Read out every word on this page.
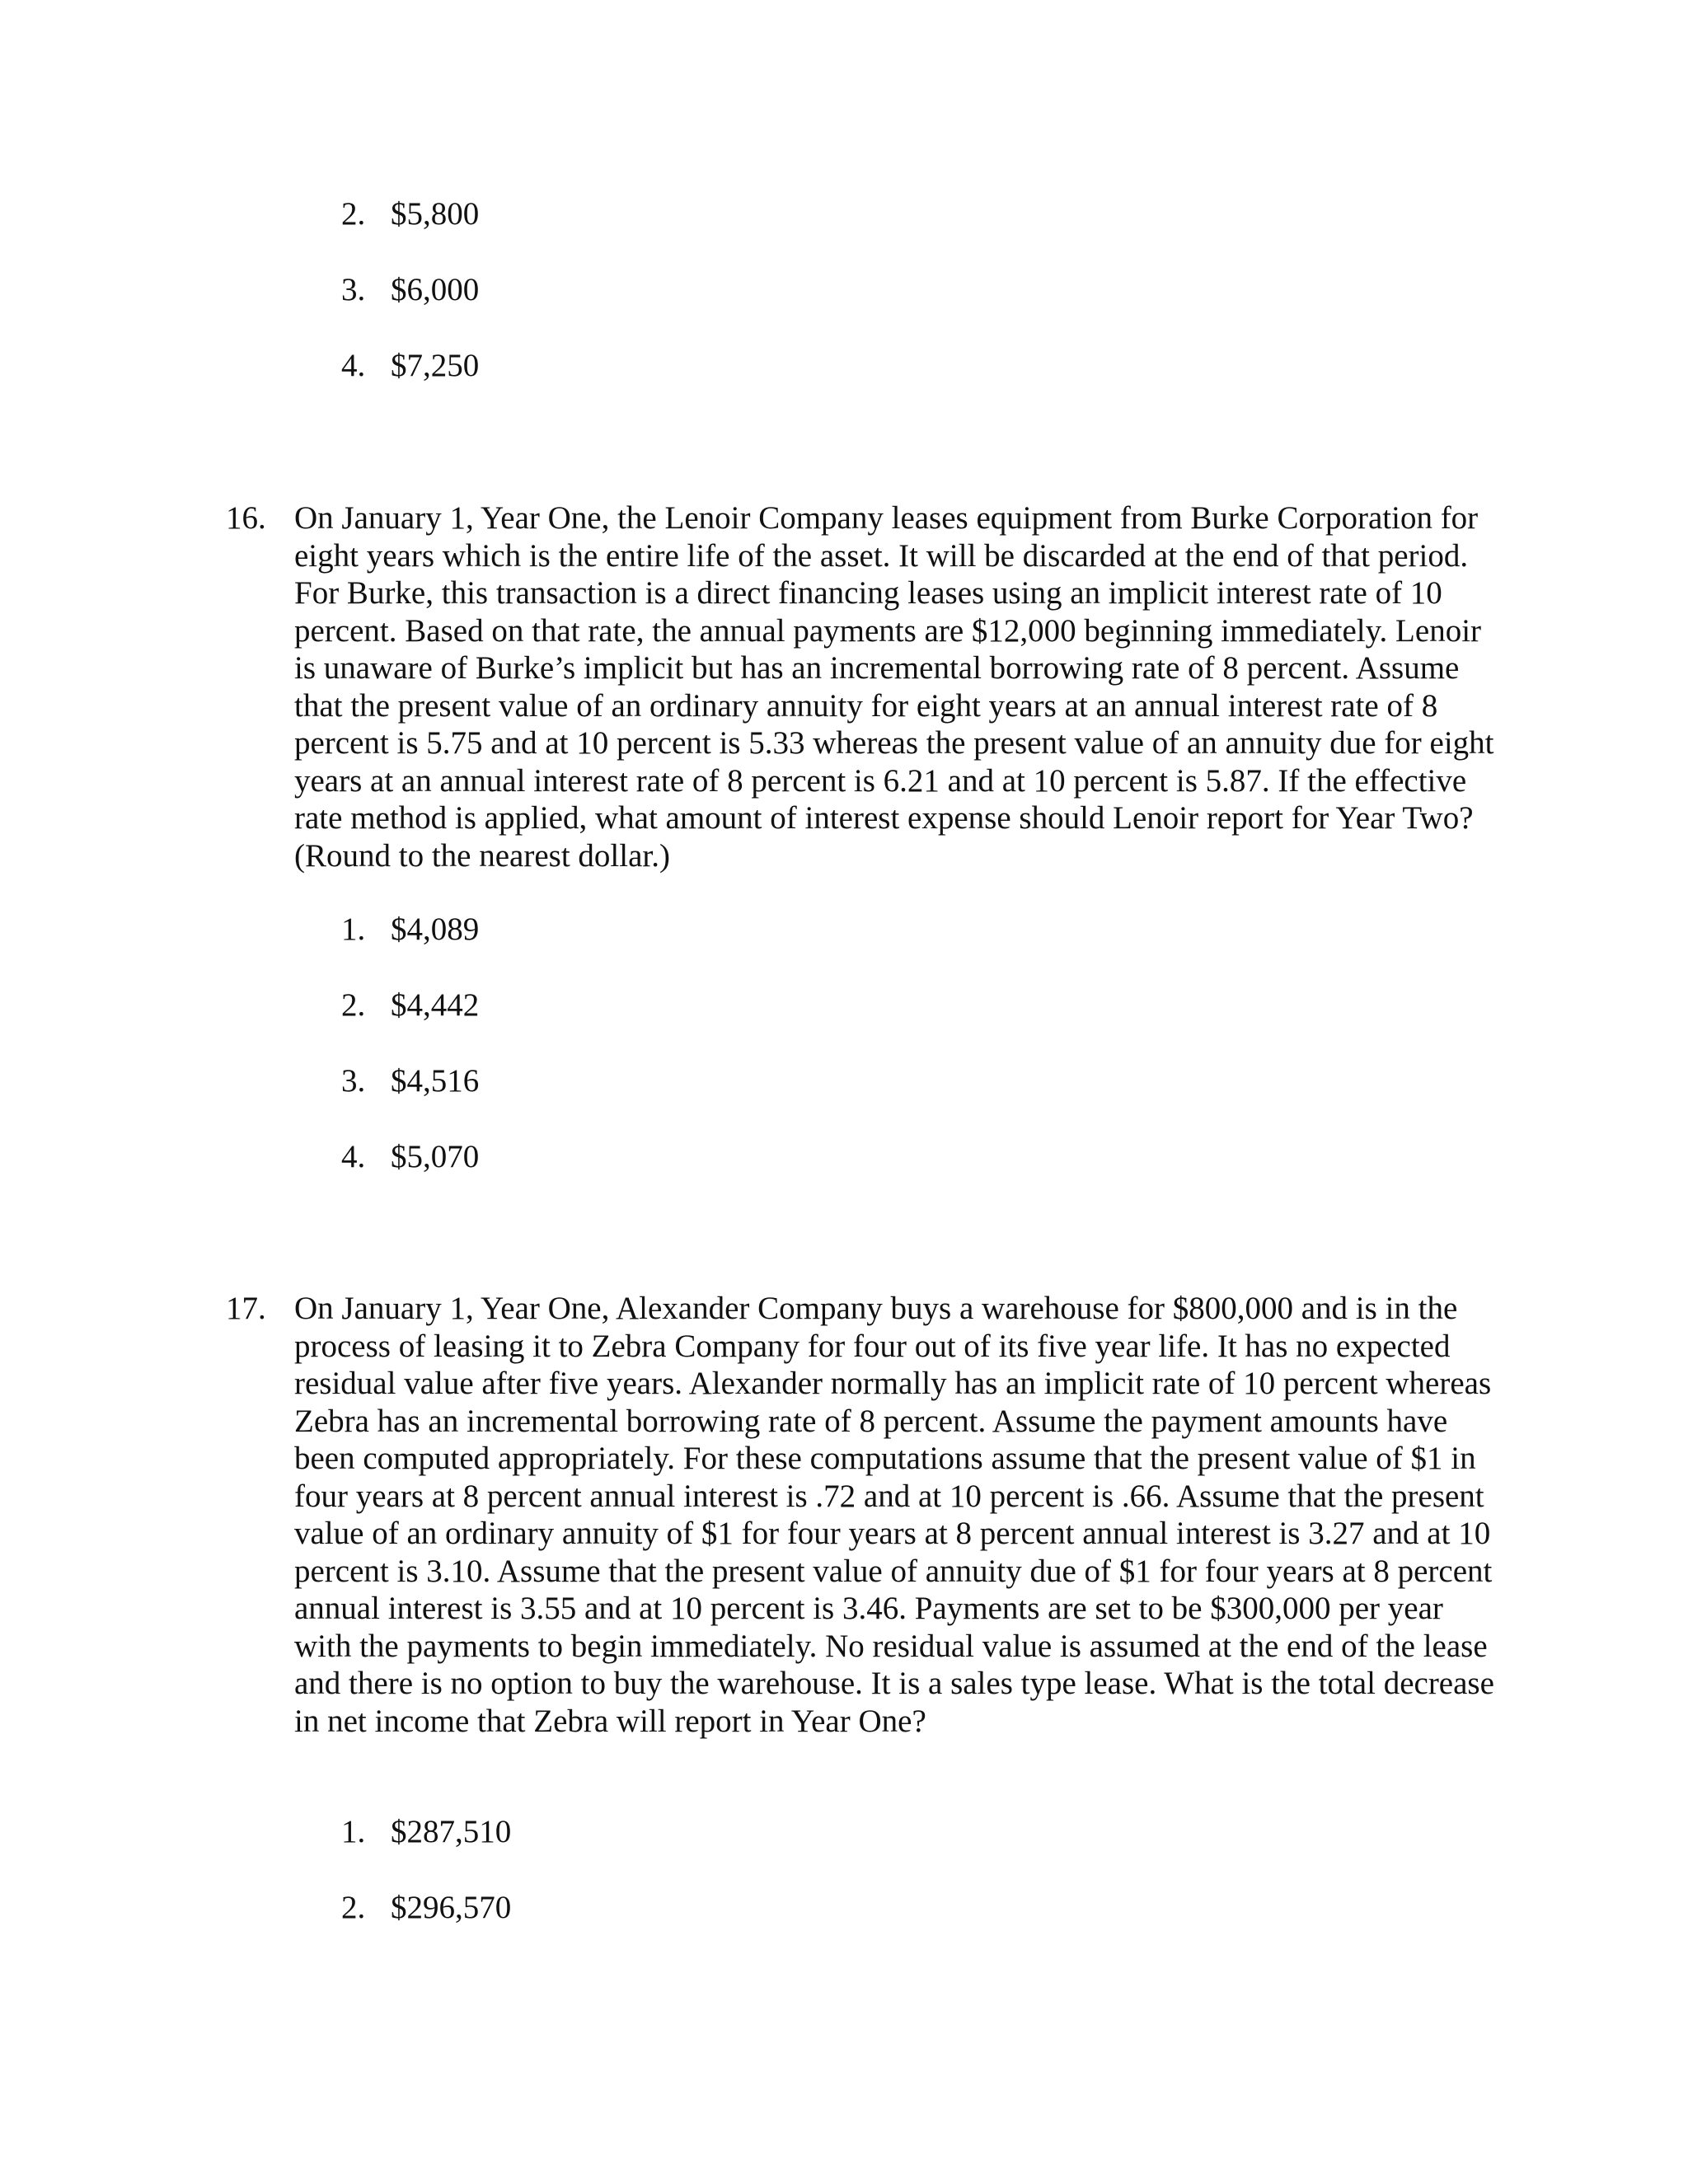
2. $5,800
3. $6,000
4. $7,250
16. On January 1, Year One, the Lenoir Company leases equipment from Burke Corporation for eight years which is the entire life of the asset. It will be discarded at the end of that period. For Burke, this transaction is a direct financing leases using an implicit interest rate of 10 percent. Based on that rate, the annual payments are $12,000 beginning immediately. Lenoir is unaware of Burke’s implicit but has an incremental borrowing rate of 8 percent. Assume that the present value of an ordinary annuity for eight years at an annual interest rate of 8 percent is 5.75 and at 10 percent is 5.33 whereas the present value of an annuity due for eight years at an annual interest rate of 8 percent is 6.21 and at 10 percent is 5.87. If the effective rate method is applied, what amount of interest expense should Lenoir report for Year Two? (Round to the nearest dollar.)
1. $4,089
2. $4,442
3. $4,516
4. $5,070
17. On January 1, Year One, Alexander Company buys a warehouse for $800,000 and is in the process of leasing it to Zebra Company for four out of its five year life. It has no expected residual value after five years. Alexander normally has an implicit rate of 10 percent whereas Zebra has an incremental borrowing rate of 8 percent. Assume the payment amounts have been computed appropriately. For these computations assume that the present value of $1 in four years at 8 percent annual interest is .72 and at 10 percent is .66. Assume that the present value of an ordinary annuity of $1 for four years at 8 percent annual interest is 3.27 and at 10 percent is 3.10. Assume that the present value of annuity due of $1 for four years at 8 percent annual interest is 3.55 and at 10 percent is 3.46. Payments are set to be $300,000 per year with the payments to begin immediately. No residual value is assumed at the end of the lease and there is no option to buy the warehouse. It is a sales type lease. What is the total decrease in net income that Zebra will report in Year One?
1. $287,510
2. $296,570
